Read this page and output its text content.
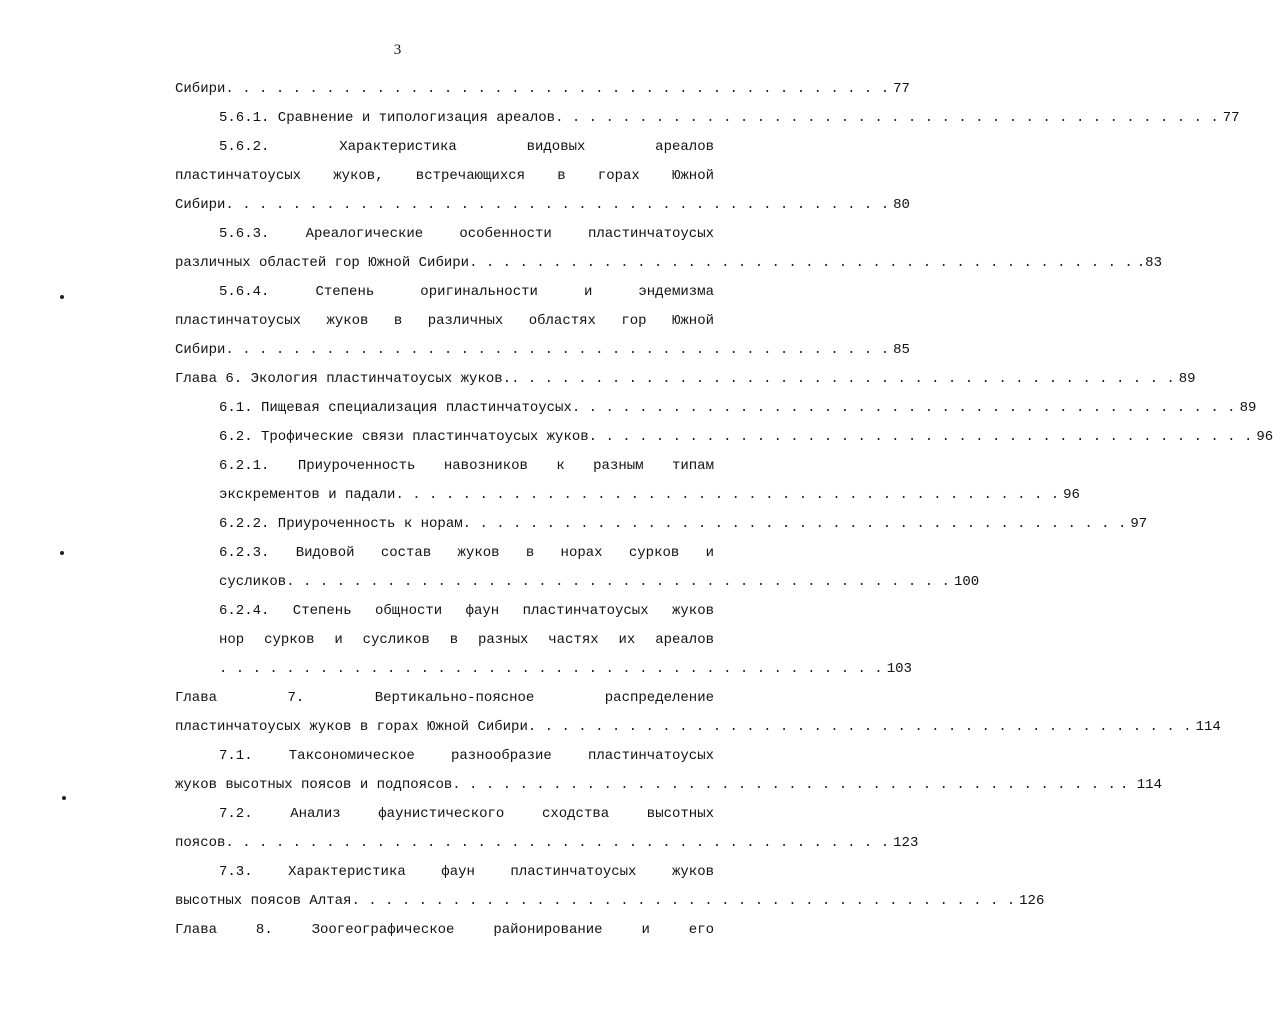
3
Сибири . . . . . . . . . . . . . . . . . . . . . . . . . . . . . . . . . . . . . . . . 77
5.6.1. Сравнение и типологизация ареалов . . . . . . . . . . . . . . . . . . . . . . . . . . . . . . . . . . . . . . . . 77
5.6.2. Характеристика видовых ареалов
пластинчатоусых жуков, встречающихся в горах Южной
Сибири . . . . . . . . . . . . . . . . . . . . . . . . . . . . . . . . . . . . . . . . 80
5.6.3. Ареалогические особенности пластинчатоусых
различных областей гор Южной Сибири . . . . . . . . . . . . . . . . . . . . . . . . . . . . . . . . . . . . . . . . .83
5.6.4. Степень оригинальности и эндемизма
пластинчатоусых жуков в различных областях гор Южной
Сибири . . . . . . . . . . . . . . . . . . . . . . . . . . . . . . . . . . . . . . . . 85
Глава 6. Экология пластинчатоусых жуков. . . . . . . . . . . . . . . . . . . . . . . . . . . . . . . . . . . . . . . . . 89
6.1. Пищевая специализация пластинчатоусых . . . . . . . . . . . . . . . . . . . . . . . . . . . . . . . . . . . . . . . . 89
6.2. Трофические связи пластинчатоусых жуков . . . . . . . . . . . . . . . . . . . . . . . . . . . . . . . . . . . . . . . . 96
6.2.1. Приуроченность навозников к разным типам
экскрементов и падали . . . . . . . . . . . . . . . . . . . . . . . . . . . . . . . . . . . . . . . . 96
6.2.2. Приуроченность к норам . . . . . . . . . . . . . . . . . . . . . . . . . . . . . . . . . . . . . . . . 97
6.2.3. Видовой состав жуков в норах сурков и
сусликов . . . . . . . . . . . . . . . . . . . . . . . . . . . . . . . . . . . . . . . . 100
6.2.4. Степень общности фаун пластинчатоусых жуков
нор сурков и сусликов в разных частях их ареалов
. . . . . . . . . . . . . . . . . . . . . . . . . . . . . . . . . . . . . . . . 103
Глава 7. Вертикально-поясное распределение
пластинчатоусых жуков в горах Южной Сибири . . . . . . . . . . . . . . . . . . . . . . . . . . . . . . . . . . . . . . . . 114
7.1. Таксономическое разнообразие пластинчатоусых
жуков высотных поясов и подпоясов . . . . . . . . . . . . . . . . . . . . . . . . . . . . . . . . . . . . . . . . . 114
7.2. Анализ фаунистического сходства высотных
поясов . . . . . . . . . . . . . . . . . . . . . . . . . . . . . . . . . . . . . . . . 123
7.3. Характеристика фаун пластинчатоусых жуков
высотных поясов Алтая . . . . . . . . . . . . . . . . . . . . . . . . . . . . . . . . . . . . . . . . 126
Глава 8. Зоогеографическое районирование и его
